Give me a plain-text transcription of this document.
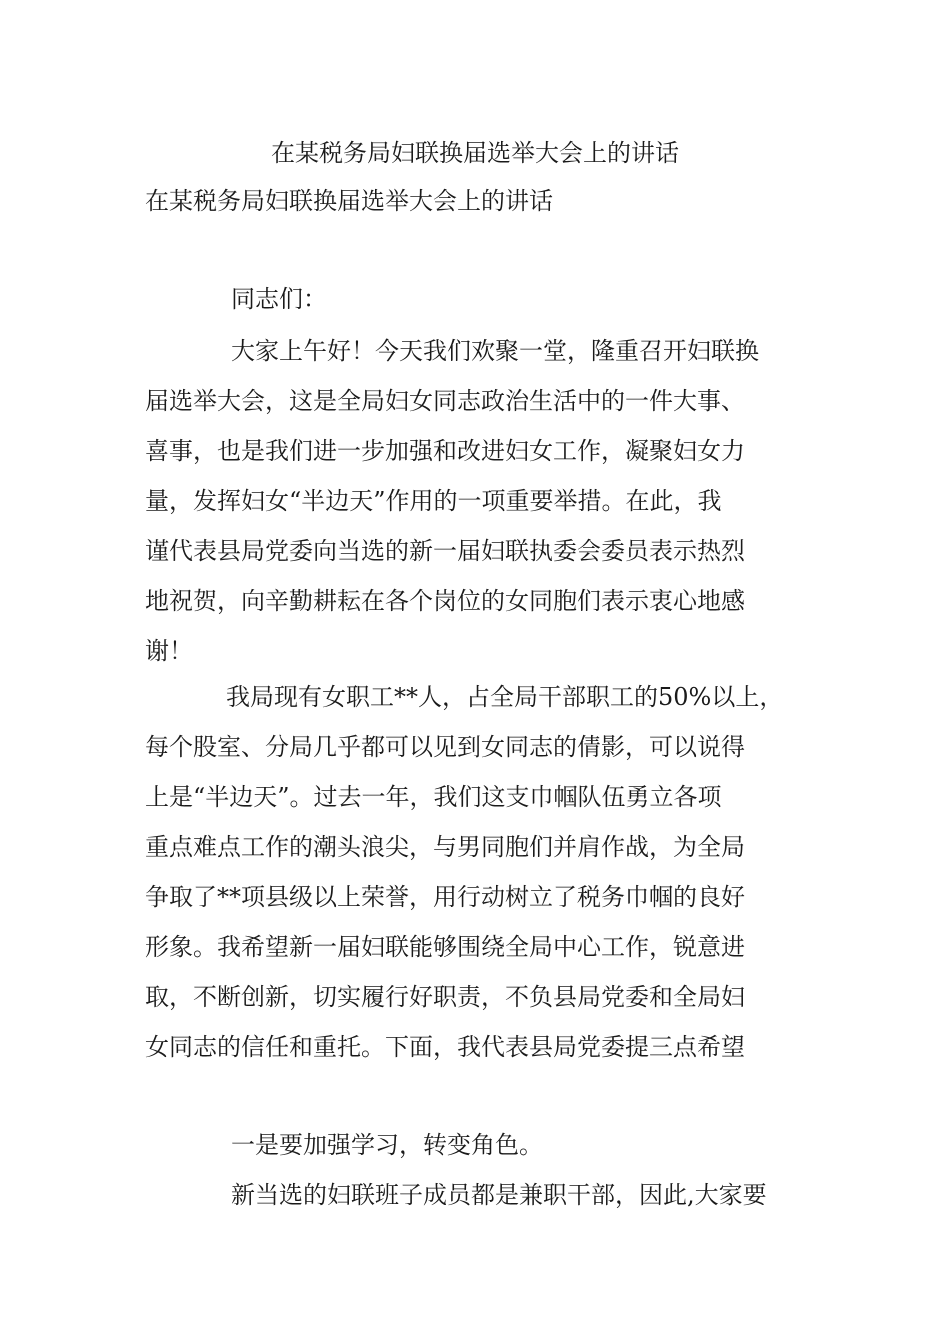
在某税务局妇联换届选举大会上的讲话
在某税务局妇联换届选举大会上的讲话
同志们：
大家上午好！今天我们欢聚一堂，隆重召开妇联换
届选举大会，这是全局妇女同志政治生活中的一件大事、
喜事，也是我们进一步加强和改进妇女工作，凝聚妇女力
量，发挥妇女“半边天”作用的一项重要举措。在此，我
谨代表县局党委向当选的新一届妇联执委会委员表示热烈
地祝贺，向辛勤耕耘在各个岗位的女同胞们表示衷心地感
谢！
我局现有女职工**人，占全局干部职工的50%以上，
每个股室、分局几乎都可以见到女同志的倩影，可以说得
上是“半边天”。过去一年，我们这支巾帼队伍勇立各项
重点难点工作的潮头浪尖，与男同胞们并肩作战，为全局
争取了**项县级以上荣誉，用行动树立了税务巾帼的良好
形象。我希望新一届妇联能够围绕全局中心工作，锐意进
取，不断创新，切实履行好职责，不负县局党委和全局妇
女同志的信任和重托。下面，我代表县局党委提三点希望
一是要加强学习，转变角色。
新当选的妇联班子成员都是兼职干部，因此,大家要
